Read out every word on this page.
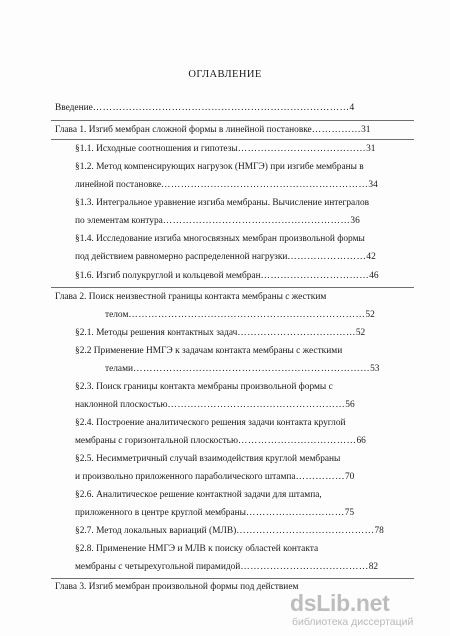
ОГЛАВЛЕНИЕ
Введение……………………………………………………………………4
Глава 1. Изгиб мембран сложной формы в линейной постановке……………31
§1.1. Исходные соотношения и гипотезы…………………………………31
§1.2. Метод компенсирующих нагрузок (НМГЭ) при изгибе мембраны в
линейной постановке………………………………………………………34
§1.3. Интегральное уравнение изгиба мембраны. Вычисление интегралов
по элементам контура…………………………………………………36
§1.4. Исследование изгиба многосвязных мембран произвольной формы
под действием равномерно распределенной нагрузки……………………42
§1.6. Изгиб полукруглой и кольцевой мембран……………………………46
Глава 2. Поиск неизвестной границы контакта мембраны с жестким
телом………………………………………………………………52
§2.1. Методы решения контактных задач………………………………52
§2.2 Применение НМГЭ к задачам контакта мембраны с жесткими
телами………………………………………………………………53
§2.3. Поиск границы контакта мембраны произвольной формы с
наклонной плоскостью………………………………………………56
§2.4. Построение аналитического решения задачи контакта круглой
мембраны с горизонтальной плоскостью………………………………66
§2.5. Несимметричный случай взаимодействия круглой мембраны
и произвольно приложенного параболического штампа……………70
§2.6. Аналитическое решение контактной задачи для штампа,
приложенного в центре круглой мембраны…………………………75
§2.7. Метод локальных вариаций (МЛВ)……………………………………78
§2.8. Применение НМГЭ и МЛВ к поиску областей контакта
мембраны с четырехугольной пирамидой…………………………………82
Глава 3. Изгиб мембран произвольной формы под действием
dsLib.net
библиотека диссертаций
